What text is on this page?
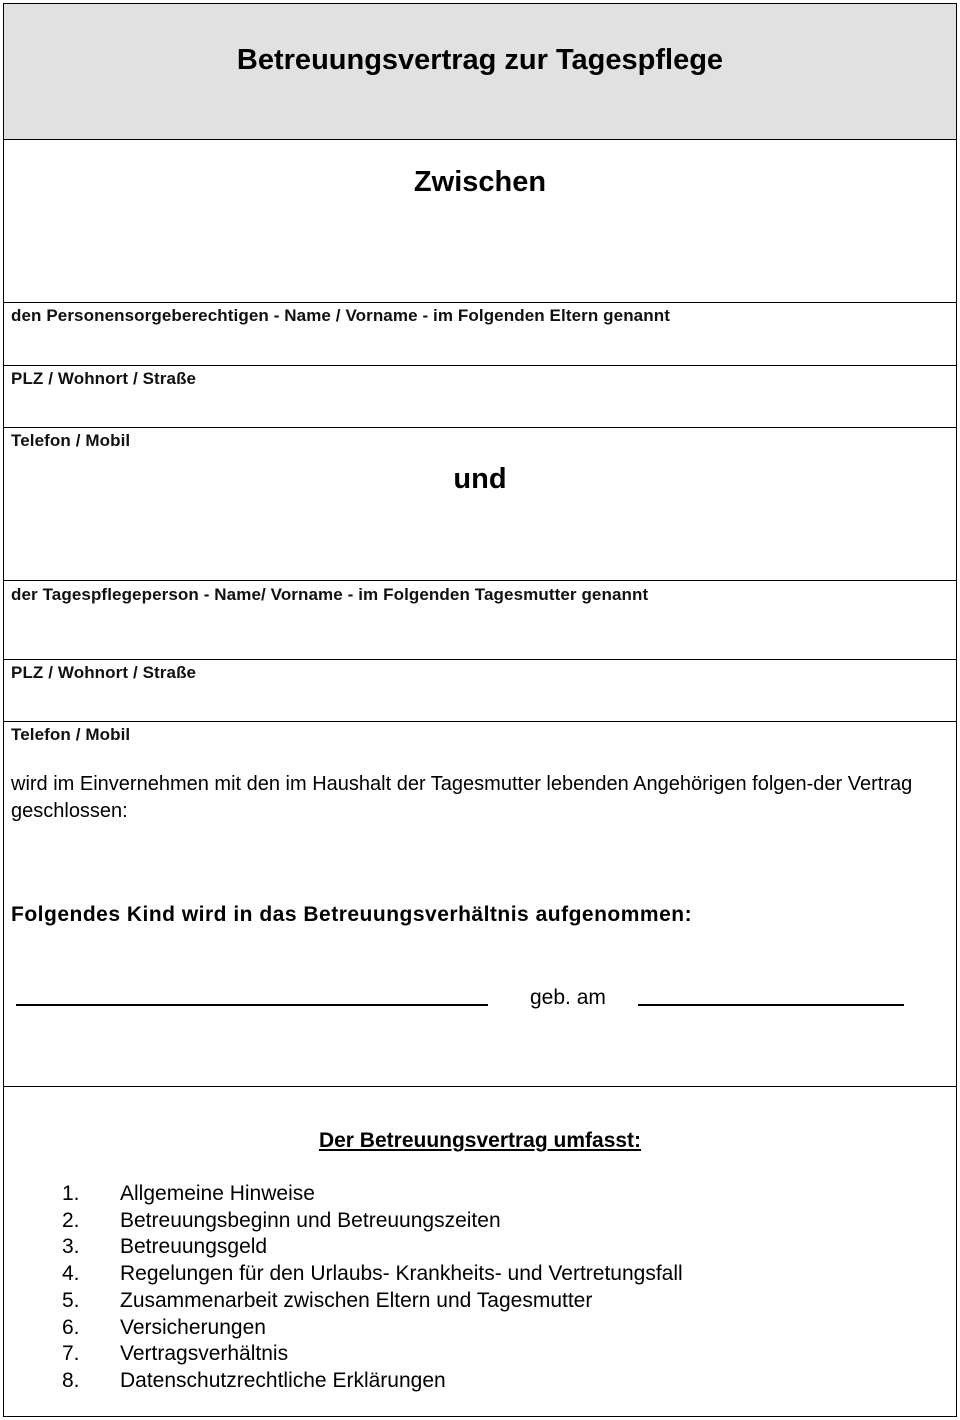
Betreuungsvertrag zur Tagespflege
Zwischen
den Personensorgeberechtigen - Name / Vorname - im Folgenden Eltern genannt
PLZ / Wohnort / Straße
Telefon / Mobil
und
der Tagespflegeperson - Name/ Vorname - im Folgenden Tagesmutter genannt
PLZ / Wohnort / Straße
Telefon / Mobil
wird im Einvernehmen mit den im Haushalt der Tagesmutter lebenden Angehörigen folgen-der Vertrag geschlossen:
Folgendes Kind wird in das Betreuungsverhältnis aufgenommen:
geb. am
Der Betreuungsvertrag umfasst:
1.	Allgemeine Hinweise
2.	Betreuungsbeginn und Betreuungszeiten
3.	Betreuungsgeld
4.	Regelungen für den Urlaubs- Krankheits- und Vertretungsfall
5.	Zusammenarbeit zwischen Eltern und Tagesmutter
6.	Versicherungen
7.	Vertragsverhältnis
8.	Datenschutzrechtliche Erklärungen
